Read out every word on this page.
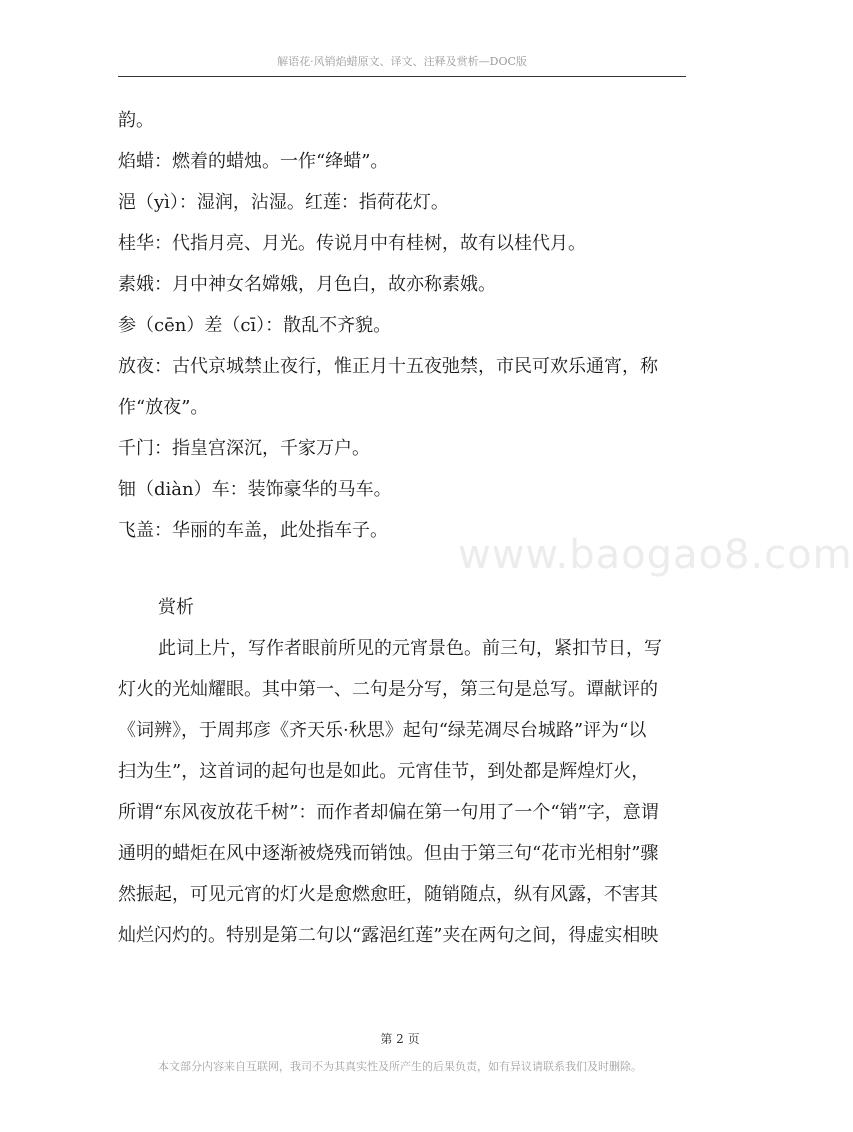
解语花·风销焰蜡原文、译文、注释及赏析—DOC版
韵。
焰蜡：燃着的蜡烛。一作“绛蜡”。
浥（yì）：湿润，沾湿。红莲：指荷花灯。
桂华：代指月亮、月光。传说月中有桂树，故有以桂代月。
素娥：月中神女名嫦娥，月色白，故亦称素娥。
参（cēn）差（cī）：散乱不齐貌。
放夜：古代京城禁止夜行，惟正月十五夜弛禁，市民可欢乐通宵，称
作“放夜”。
千门：指皇宫深沉，千家万户。
钿（diàn）车：装饰豪华的马车。
飞盖：华丽的车盖，此处指车子。
赏析
此词上片，写作者眼前所见的元宵景色。前三句，紧扣节日，写
灯火的光灿耀眼。其中第一、二句是分写，第三句是总写。谭献评的
《词辨》，于周邦彦《齐天乐·秋思》起句“绿芜凋尽台城路”评为“以
扫为生”，这首词的起句也是如此。元宵佳节，到处都是辉煌灯火，
所谓“东风夜放花千树”：而作者却偏在第一句用了一个“销”字，意谓
通明的蜡炬在风中逐渐被烧残而销蚀。但由于第三句“花市光相射”骤
然振起，可见元宵的灯火是愈燃愈旺，随销随点，纵有风露，不害其
灿烂闪灼的。特别是第二句以“露浥红莲”夹在两句之间，得虚实相映
www.baogao8.com
第 2 页
本文部分内容来自互联网，我司不为其真实性及所产生的后果负责，如有异议请联系我们及时删除。
